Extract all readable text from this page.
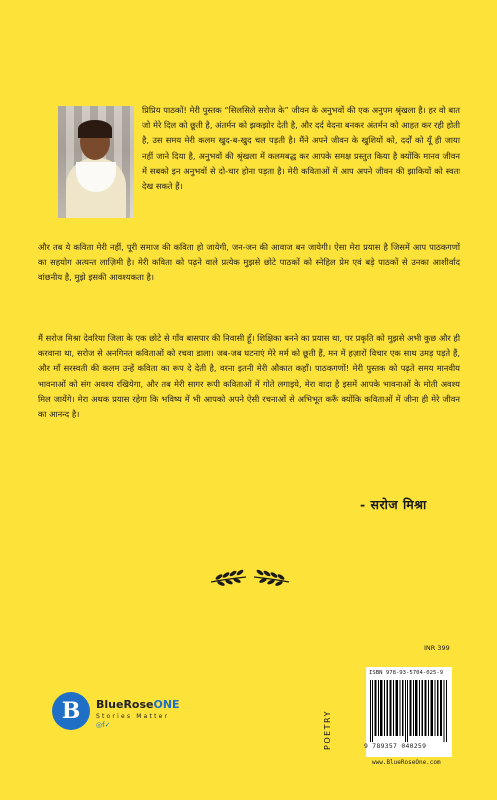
प्रिप्रिय पाठकों! मेरी पुस्तक “सिलसिले सरोज के” जीवन के अनुभवों की एक अनुपम श्रृंखला है। हर वो बात जो मेरे दिल को छूती है, अंतर्मन को झकझोर देती है, और दर्द वेदना बनकर अंतर्मन को आहत कर रही होती है, उस समय मेरी कलम खुद-ब-खुद चल पड़ती है। मैंने अपने जीवन के खुशियों को, दर्दों को यूँ ही जाया नहीं जाने दिया है, अनुभवों की श्रृंखला में कलमबद्ध कर आपके समक्ष प्रस्तुत किया है क्योंकि मानव जीवन में सबको इन अनुभवों से दो-चार होना पड़ता है। मेरी कविताओं में आप अपने जीवन की झाकियों को स्वतः देख सकते हैं।

और तब ये कविता मेरी नहीं, पूरी समाज की कविता हो जायेगी, जन-जन की आवाज बन जायेगी। ऐसा मेरा प्रयास है जिसमें आप पाठकगणों का सहयोग अत्यन्त लाज़िमी है। मेरी कविता को पढ़ने वाले प्रत्येक मुझसे छोटे पाठकों को स्नेहिल प्रेम एवं बड़े पाठकों से उनका आशीर्वाद वांछनीय है, मुझे इसकी आवश्यकता है।

मैं सरोज मिश्रा देवरिया जिला के एक छोटे से गाँव बासपार की निवासी हूँ। शिक्षिका बनने का प्रयास था, पर प्रकृति को मुझसे अभी कुछ और ही करवाना था, सरोज से अनगिनत कविताओं को रचवा डाला। जब-जब घटनाएं मेरे मर्म को छूती हैं, मन में हज़ारों विचार एक साथ उमड़ पड़ते हैं, और माँ सरस्वती की कलम उन्हें कविता का रूप दे देती है, वरना इतनी मेरी औकात कहाँ। पाठकगणों! मेरी पुस्तक को पढ़ते समय मानवीय भावनाओं को संग अवश्य रखियेगा, और तब मेरी सागर रूपी कविताओं में गोते लगाइये, मेरा वादा है इसमें आपके भावनाओं के मोती अवश्य मिल जायेंगे। मेरा अथक प्रयास रहेगा कि भविष्य में भी आपको अपने ऐसी रचनाओं से अभिभूत करूँ क्योंकि कविताओं में जीना ही मेरे जीवन का आनन्द है।

- सरोज मिश्रा
INR 399
B	BlueRoseONE
Stories Matter
◎f✓	POETRY
ISBN 978-93-5704-025-9
9 789357 040259
www.BlueRoseOne.com
